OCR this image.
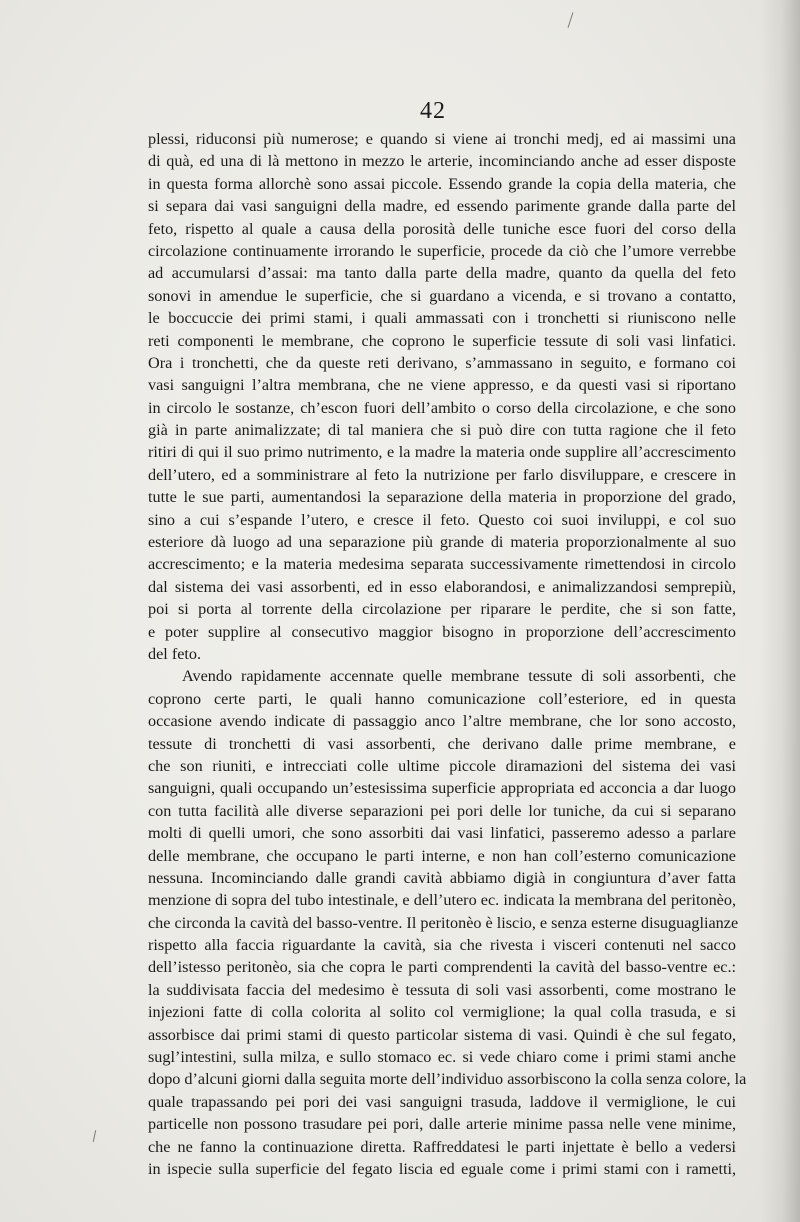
42
plessi, riduconsi più numerose; e quando si viene ai tronchi medj, ed ai massimi una
di quà, ed una di là mettono in mezzo le arterie, incominciando anche ad esser disposte
in questa forma allorchè sono assai piccole. Essendo grande la copia della materia, che
si separa dai vasi sanguigni della madre, ed essendo parimente grande dalla parte del
feto, rispetto al quale a causa della porosità delle tuniche esce fuori del corso della
circolazione continuamente irrorando le superficie, procede da ciò che l’umore verrebbe
ad accumularsi d’assai: ma tanto dalla parte della madre, quanto da quella del feto
sonovi in amendue le superficie, che si guardano a vicenda, e si trovano a contatto,
le boccuccie dei primi stami, i quali ammassati con i tronchetti si riuniscono nelle
reti componenti le membrane, che coprono le superficie tessute di soli vasi linfatici.
Ora i tronchetti, che da queste reti derivano, s’ammassano in seguito, e formano coi
vasi sanguigni l’altra membrana, che ne viene appresso, e da questi vasi si riportano
in circolo le sostanze, ch’escon fuori dell’ambito o corso della circolazione, e che sono
già in parte animalizzate; di tal maniera che si può dire con tutta ragione che il feto
ritiri di qui il suo primo nutrimento, e la madre la materia onde supplire all’accrescimento
dell’utero, ed a somministrare al feto la nutrizione per farlo disviluppare, e crescere in
tutte le sue parti, aumentandosi la separazione della materia in proporzione del grado,
sino a cui s’espande l’utero, e cresce il feto. Questo coi suoi inviluppi, e col suo
esteriore dà luogo ad una separazione più grande di materia proporzionalmente al suo
accrescimento; e la materia medesima separata successivamente rimettendosi in circolo
dal sistema dei vasi assorbenti, ed in esso elaborandosi, e animalizzandosi semprepiù,
poi si porta al torrente della circolazione per riparare le perdite, che si son fatte,
e poter supplire al consecutivo maggior bisogno in proporzione dell’accrescimento
del feto.
Avendo rapidamente accennate quelle membrane tessute di soli assorbenti, che
coprono certe parti, le quali hanno comunicazione coll’esteriore, ed in questa
occasione avendo indicate di passaggio anco l’altre membrane, che lor sono accosto,
tessute di tronchetti di vasi assorbenti, che derivano dalle prime membrane, e
che son riuniti, e intrecciati colle ultime piccole diramazioni del sistema dei vasi
sanguigni, quali occupando un’estesissima superficie appropriata ed acconcia a dar luogo
con tutta facilità alle diverse separazioni pei pori delle lor tuniche, da cui si separano
molti di quelli umori, che sono assorbiti dai vasi linfatici, passeremo adesso a parlare
delle membrane, che occupano le parti interne, e non han coll’esterno comunicazione
nessuna. Incominciando dalle grandi cavità abbiamo digià in congiuntura d’aver fatta
menzione di sopra del tubo intestinale, e dell’utero ec. indicata la membrana del peritonèo,
che circonda la cavità del basso-ventre. Il peritonèo è liscio, e senza esterne disuguaglianze
rispetto alla faccia riguardante la cavità, sia che rivesta i visceri contenuti nel sacco
dell’istesso peritonèo, sia che copra le parti comprendenti la cavità del basso-ventre ec.:
la suddivisata faccia del medesimo è tessuta di soli vasi assorbenti, come mostrano le
injezioni fatte di colla colorita al solito col vermiglione; la qual colla trasuda, e si
assorbisce dai primi stami di questo particolar sistema di vasi. Quindi è che sul fegato,
sugl’intestini, sulla milza, e sullo stomaco ec. si vede chiaro come i primi stami anche
dopo d’alcuni giorni dalla seguita morte dell’individuo assorbiscono la colla senza colore, la
quale trapassando pei pori dei vasi sanguigni trasuda, laddove il vermiglione, le cui
particelle non possono trasudare pei pori, dalle arterie minime passa nelle vene minime,
che ne fanno la continuazione diretta. Raffreddatesi le parti injettate è bello a vedersi
in ispecie sulla superficie del fegato liscia ed eguale come i primi stami con i rametti,
